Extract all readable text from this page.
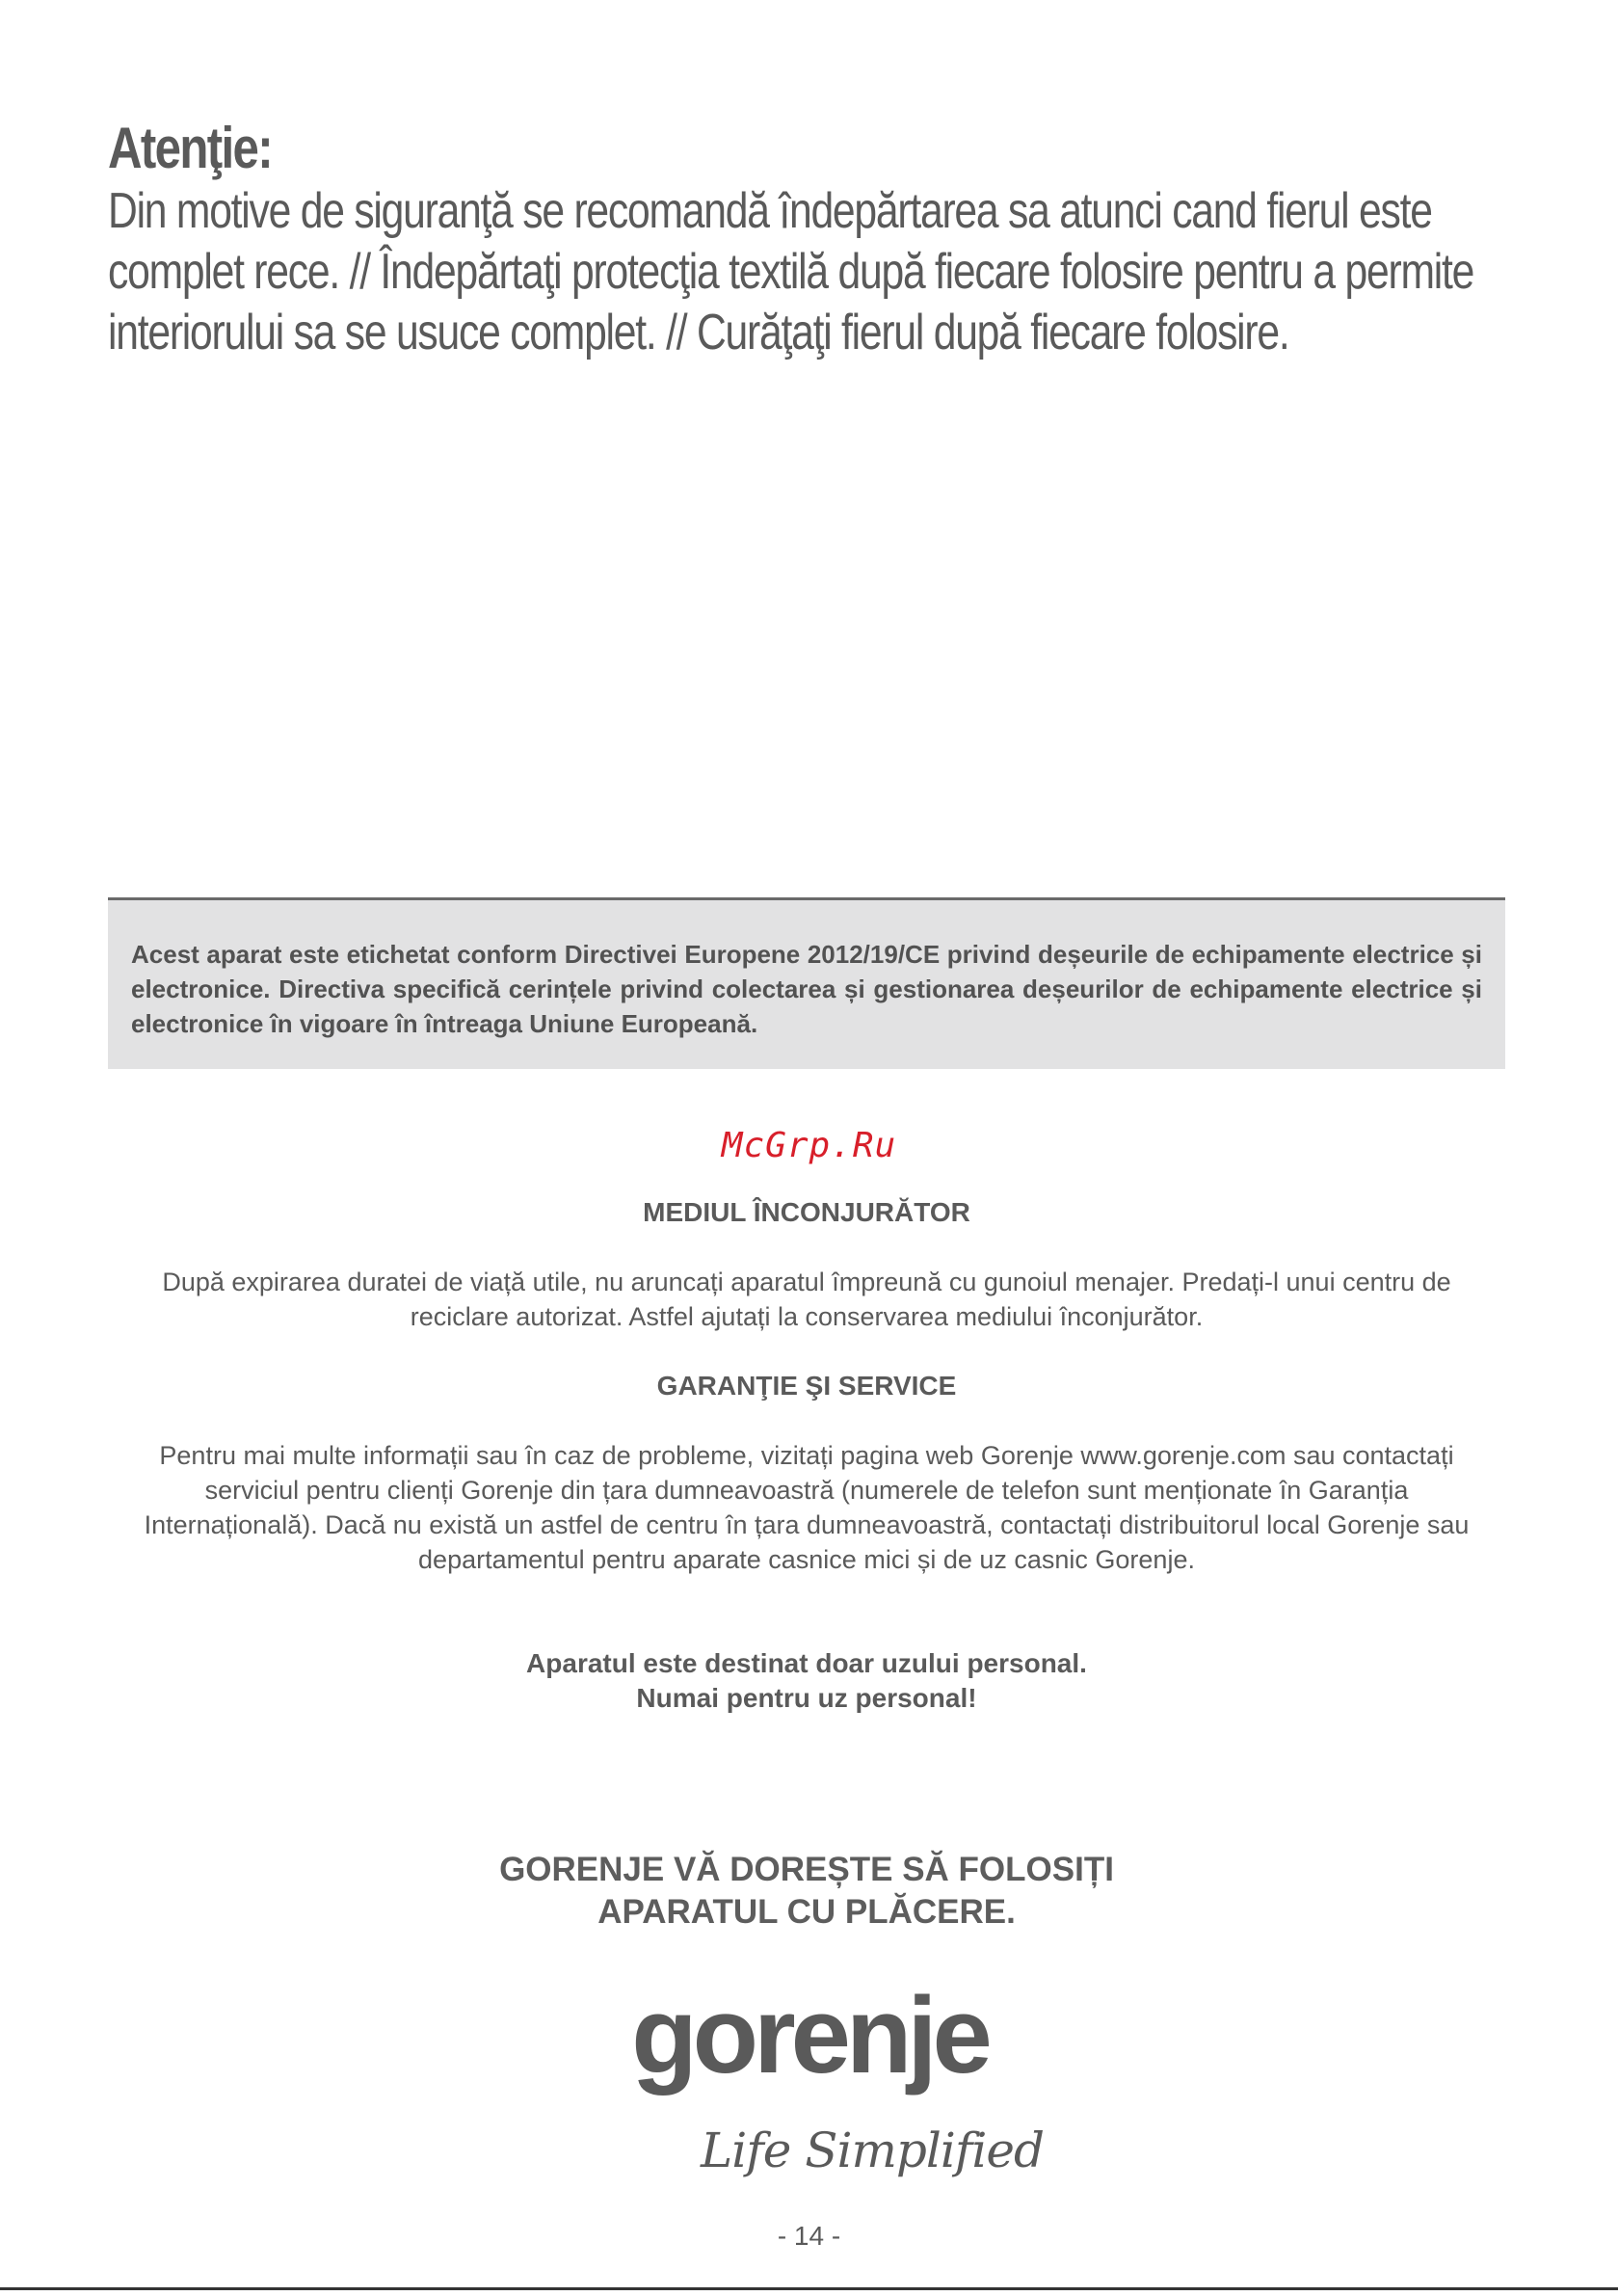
Atenţie:
Din motive de siguranţă se recomandă îndepărtarea sa atunci cand fierul este complet rece. // Îndepărtaţi protecţia textilă după fiecare folosire pentru a permite interiorului sa se usuce complet. // Curăţaţi fierul după fiecare folosire.

Acest aparat este etichetat conform Directivei Europene 2012/19/CE privind deșeurile de echipamente electrice și electronice. Directiva specifică cerințele privind colectarea și gestionarea deșeurilor de echipamente electrice și electronice în vigoare în întreaga Uniune Europeană.

McGrp.Ru

MEDIUL ÎNCONJURĂTOR

După expirarea duratei de viață utile, nu aruncați aparatul împreună cu gunoiul menajer. Predați-l unui centru de reciclare autorizat. Astfel ajutați la conservarea mediului înconjurător.

GARANŢIE ŞI SERVICE

Pentru mai multe informații sau în caz de probleme, vizitați pagina web Gorenje www.gorenje.com sau contactați serviciul pentru clienți Gorenje din țara dumneavoastră (numerele de telefon sunt menționate în Garanția Internațională). Dacă nu există un astfel de centru în țara dumneavoastră, contactați distribuitorul local Gorenje sau departamentul pentru aparate casnice mici și de uz casnic Gorenje.

Aparatul este destinat doar uzului personal.

Numai pentru uz personal!

GORENJE VĂ DOREȘTE SĂ FOLOSIȚI

APARATUL CU PLĂCERE.

gorenje
Life Simplified
- 14 -
